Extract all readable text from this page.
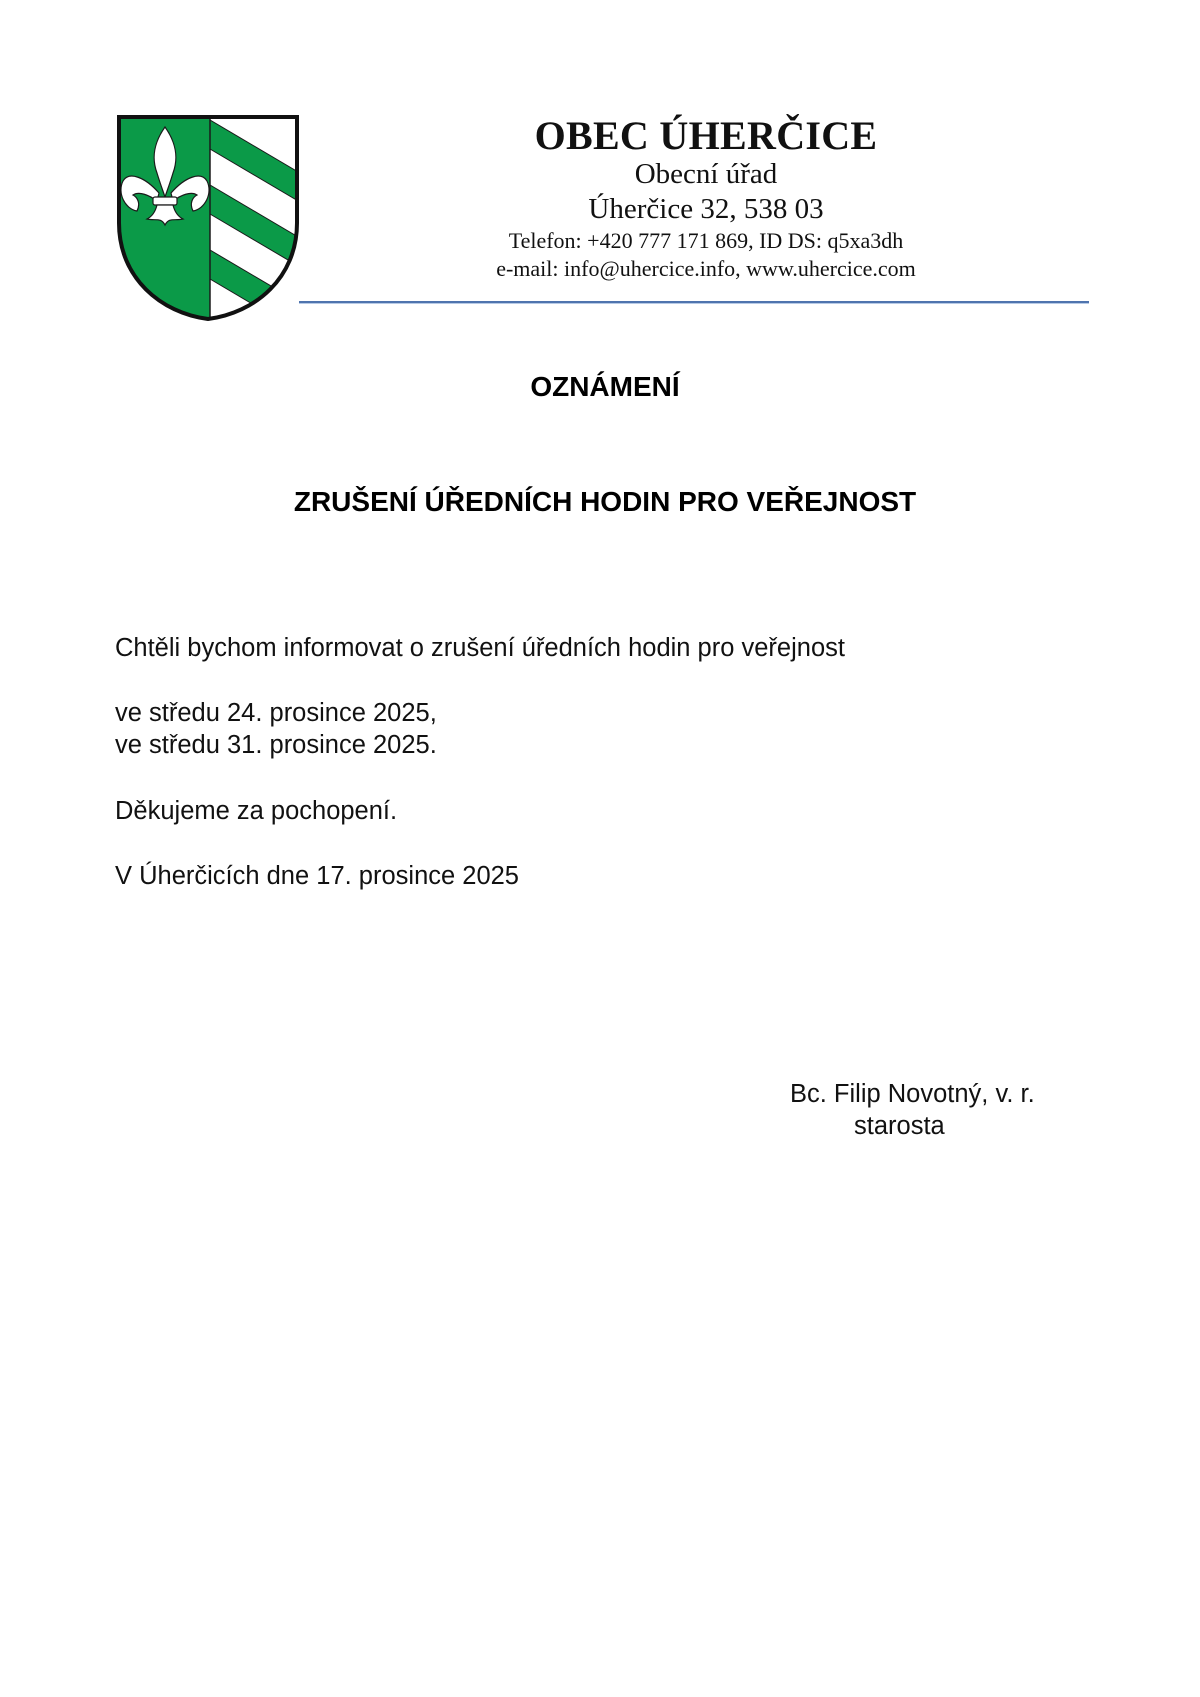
OBEC ÚHERČICE
Obecní úřad
Úherčice 32, 538 03
Telefon: +420 777 171 869, ID DS: q5xa3dh
e-mail: info@uhercice.info, www.uhercice.com
OZNÁMENÍ
ZRUŠENÍ ÚŘEDNÍCH HODIN PRO VEŘEJNOST
Chtěli bychom informovat o zrušení úředních hodin pro veřejnost
ve středu 24. prosince 2025,
ve středu 31. prosince 2025.
Děkujeme za pochopení.
V Úherčicích dne 17. prosince 2025
Bc. Filip Novotný, v. r.
starosta
